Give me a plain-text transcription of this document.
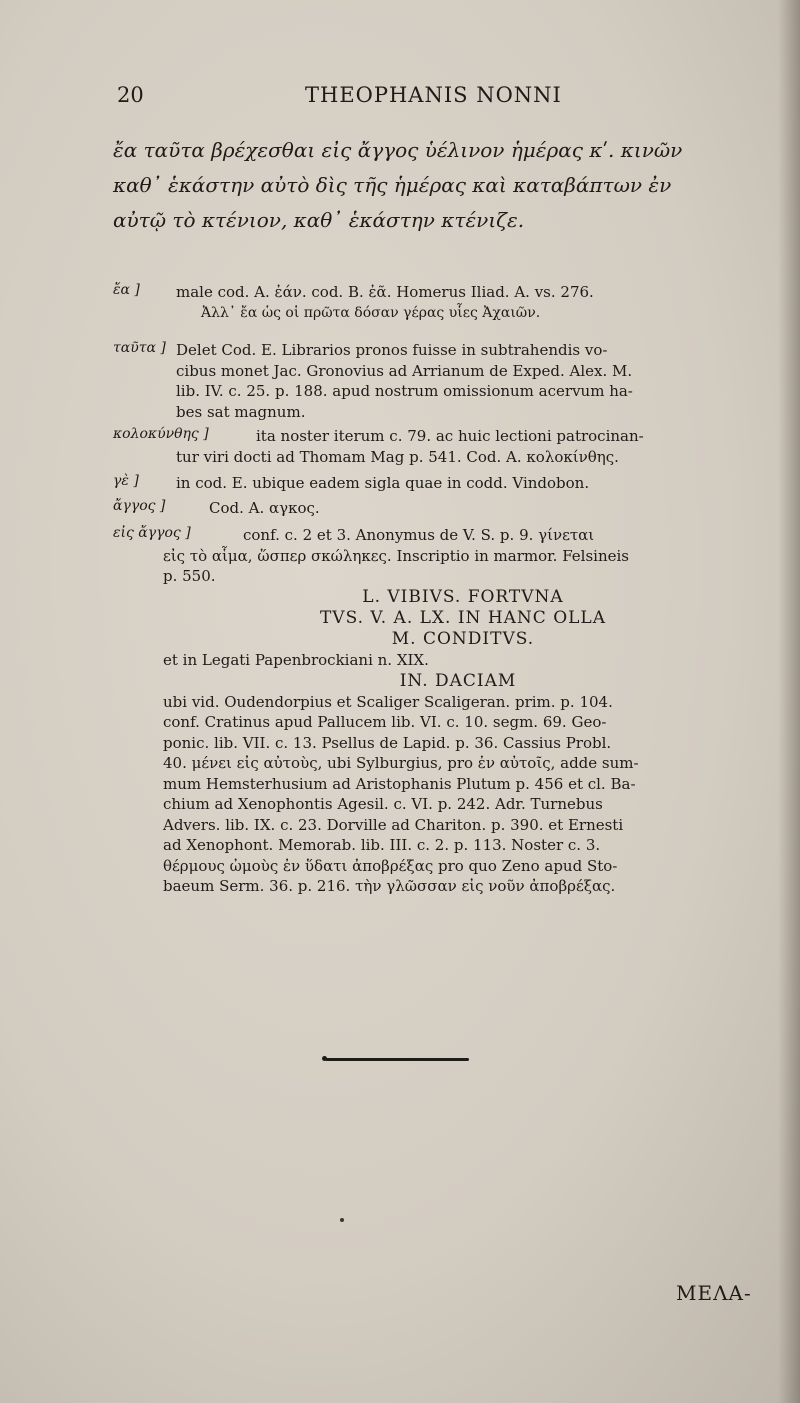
20	THEOPHANIS NONNI
ἔα ταῦτα βρέχεσθαι εἰς ἄγγος ὑέλινον ἡμέρας κʹ. κινῶν
καθ᾽ ἑκάστην αὐτὸ δὶς τῆς ἡμέρας καὶ καταβάπτων ἐν
αὐτῷ τὸ κτένιον, καθ᾽ ἑκάστην κτένιζε.
ἔα ] male cod. A. ἐάν. cod. B. ἐᾶ. Homerus Iliad. A. vs. 276.
Ἀλλ᾽ ἔα ὡς οἱ πρῶτα δόσαν γέρας υἷες Ἀχαιῶν.
ταῦτα ] Delet Cod. E. Librarios pronos fuisse in subtrahendis vo-
cibus monet Jac. Gronovius ad Arrianum de Exped. Alex. M.
lib. IV. c. 25. p. 188. apud nostrum omissionum acervum ha-
bes sat magnum.
κολοκύνθης ]	ita noster iterum c. 79. ac huic lectioni patrocinan-
tur viri docti ad Thomam Mag p. 541. Cod. A. κολοκίνθης.
γὲ ] in cod. E. ubique eadem sigla quae in codd. Vindobon.
ἄγγος ]	Cod. A. αγκος.
εἰς ἄγγος ]	conf. c. 2 et 3. Anonymus de V. S. p. 9. γίνεται
εἰς τὸ αἷμα, ὥσπερ σκώληκες. Inscriptio in marmor. Felsineis
p. 550.
L. VIBIVS. FORTVNA
TVS. V. A. LX. IN HANC OLLA
M. CONDITVS.
et in Legati Papenbrockiani n. XIX.
IN. DACIAM
ubi vid. Oudendorpius et Scaliger Scaligeran. prim. p. 104.
conf. Cratinus apud Pallucem lib. VI. c. 10. segm. 69. Geo-
ponic. lib. VII. c. 13. Psellus de Lapid. p. 36. Cassius Probl.
40. μένει εἰς αὐτοὺς, ubi Sylburgius, pro ἐν αὐτοῖς, adde sum-
mum Hemsterhusium ad Aristophanis Plutum p. 456 et cl. Ba-
chium ad Xenophontis Agesil. c. VI. p. 242. Adr. Turnebus
Advers. lib. IX. c. 23. Dorville ad Chariton. p. 390. et Ernesti
ad Xenophont. Memorab. lib. III. c. 2. p. 113. Noster c. 3.
θέρμους ὠμοὺς ἐν ὕδατι ἀποβρέξας pro quo Zeno apud Sto-
baeum Serm. 36. p. 216. τὴν γλῶσσαν εἰς νοῦν ἀποβρέξας.
ΜΕΛΑ-
